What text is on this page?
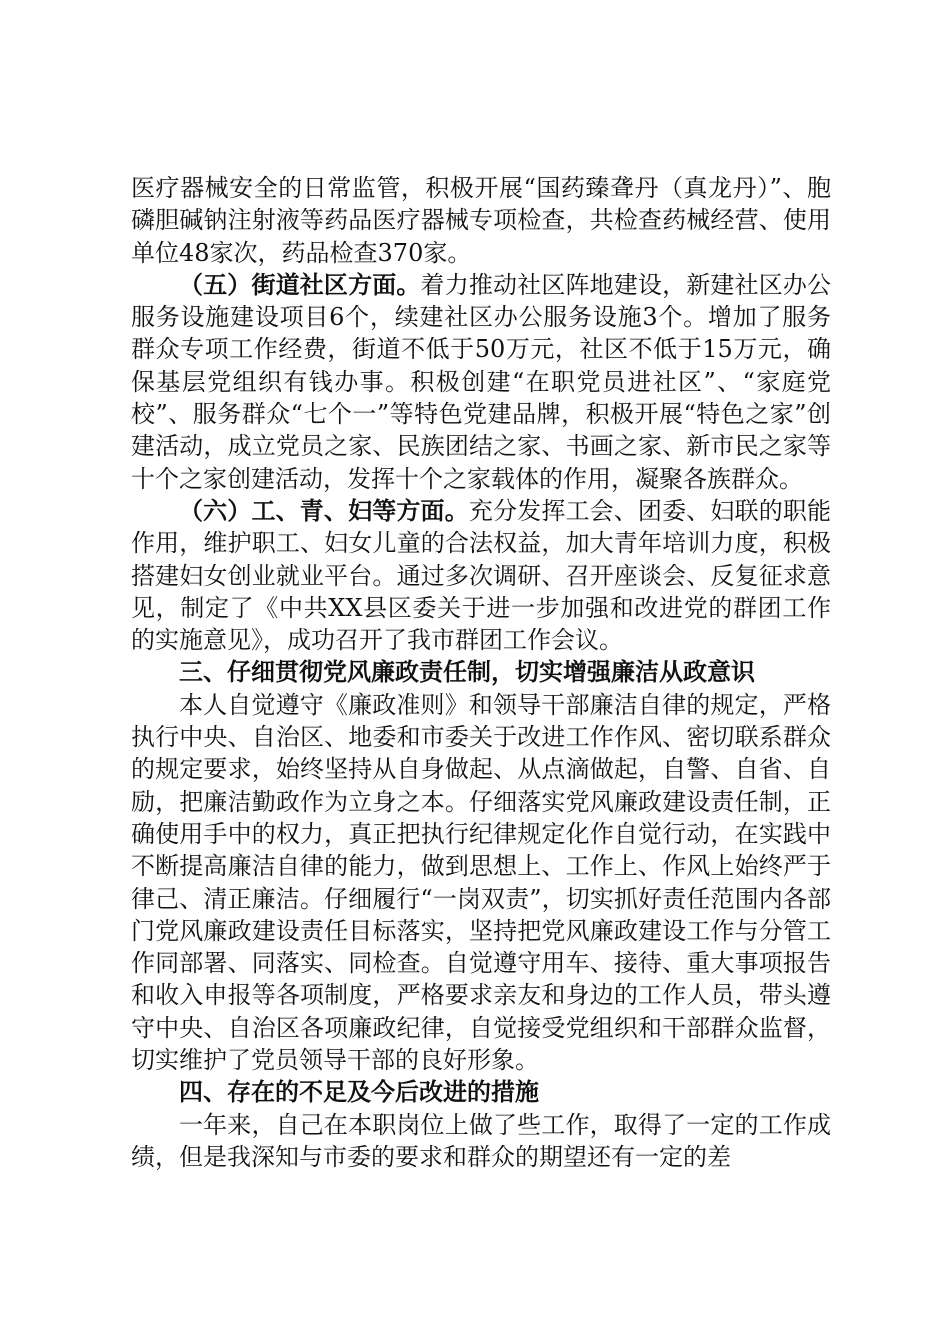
医疗器械安全的日常监管，积极开展“国药臻聋丹（真龙丹）”、胞磷胆碱钠注射液等药品医疗器械专项检查，共检查药械经营、使用单位48家次，药品检查370家。

（五）街道社区方面。着力推动社区阵地建设，新建社区办公服务设施建设项目6个，续建社区办公服务设施3个。增加了服务群众专项工作经费，街道不低于50万元，社区不低于15万元，确保基层党组织有钱办事。积极创建“在职党员进社区”、“家庭党校”、服务群众“七个一”等特色党建品牌，积极开展“特色之家”创建活动，成立党员之家、民族团结之家、书画之家、新市民之家等十个之家创建活动，发挥十个之家载体的作用，凝聚各族群众。

（六）工、青、妇等方面。充分发挥工会、团委、妇联的职能作用，维护职工、妇女儿童的合法权益，加大青年培训力度，积极搭建妇女创业就业平台。通过多次调研、召开座谈会、反复征求意见，制定了《中共XX县区委关于进一步加强和改进党的群团工作的实施意见》，成功召开了我市群团工作会议。

三、仔细贯彻党风廉政责任制，切实增强廉洁从政意识

本人自觉遵守《廉政准则》和领导干部廉洁自律的规定，严格执行中央、自治区、地委和市委关于改进工作作风、密切联系群众的规定要求，始终坚持从自身做起、从点滴做起，自警、自省、自励，把廉洁勤政作为立身之本。仔细落实党风廉政建设责任制，正确使用手中的权力，真正把执行纪律规定化作自觉行动，在实践中不断提高廉洁自律的能力，做到思想上、工作上、作风上始终严于律己、清正廉洁。仔细履行“一岗双责”，切实抓好责任范围内各部门党风廉政建设责任目标落实，坚持把党风廉政建设工作与分管工作同部署、同落实、同检查。自觉遵守用车、接待、重大事项报告和收入申报等各项制度，严格要求亲友和身边的工作人员，带头遵守中央、自治区各项廉政纪律，自觉接受党组织和干部群众监督，切实维护了党员领导干部的良好形象。

四、存在的不足及今后改进的措施

一年来，自己在本职岗位上做了些工作，取得了一定的工作成绩，但是我深知与市委的要求和群众的期望还有一定的差
